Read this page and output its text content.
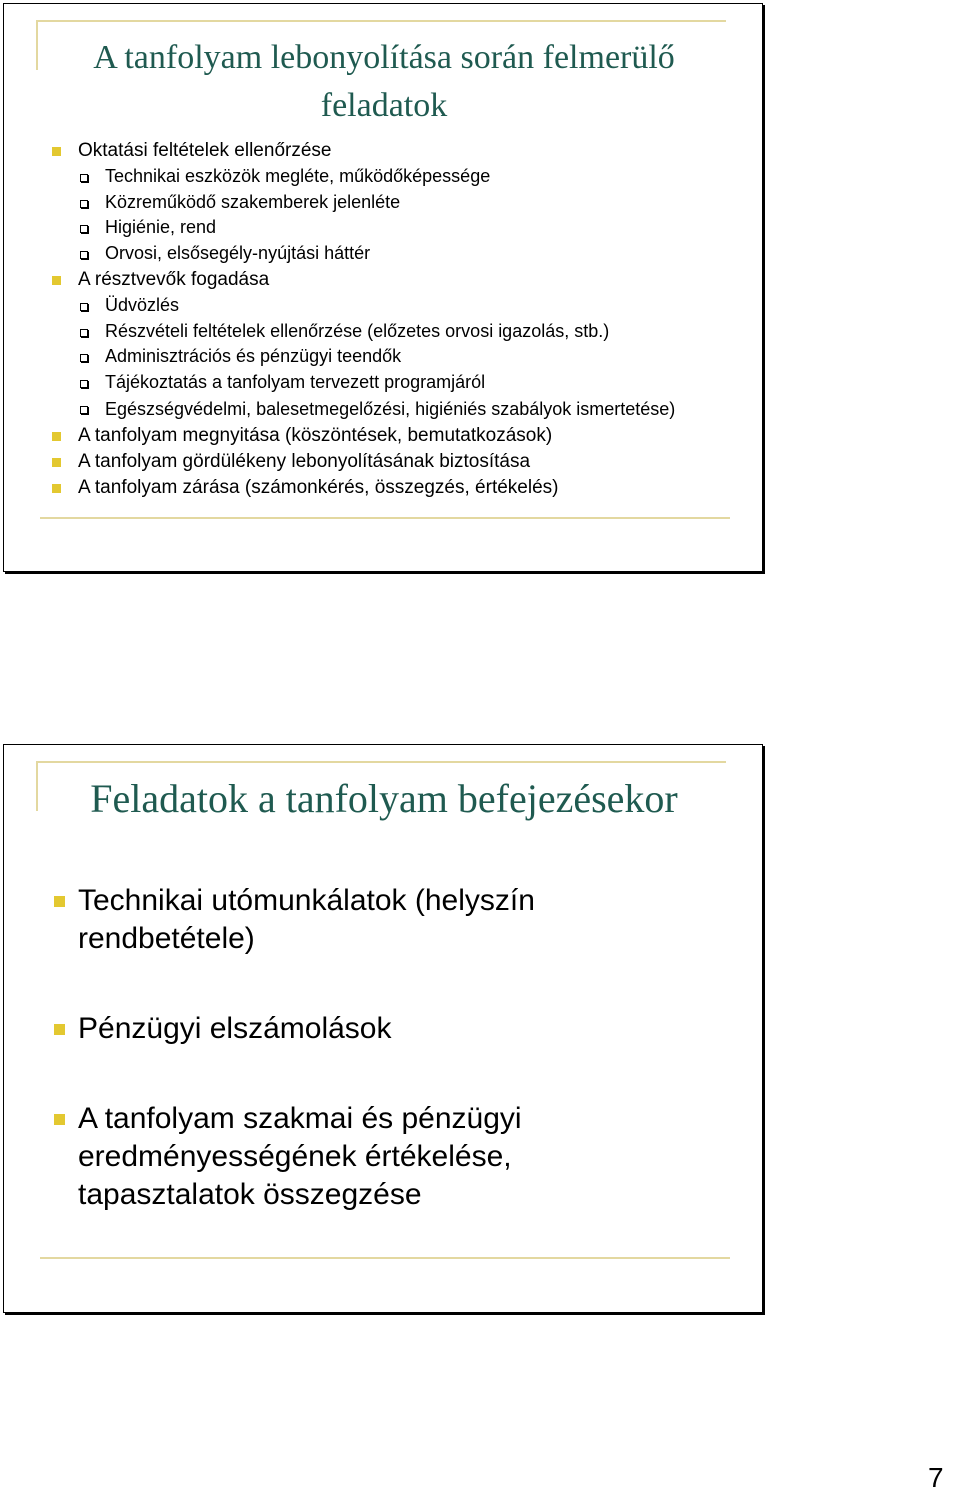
A tanfolyam lebonyolítása során felmerülő feladatok
Oktatási feltételek ellenőrzése
Technikai eszközök megléte, működőképessége
Közreműködő szakemberek jelenléte
Higiénie, rend
Orvosi, elsősegély-nyújtási háttér
A résztvevők fogadása
Üdvözlés
Részvételi feltételek ellenőrzése (előzetes orvosi igazolás, stb.)
Adminisztrációs és pénzügyi teendők
Tájékoztatás a tanfolyam tervezett programjáról
Egészségvédelmi, balesetmegelőzési, higiéniés szabályok ismertetése)
A tanfolyam megnyitása (köszöntések, bemutatkozások)
A tanfolyam gördülékeny lebonyolításának biztosítása
A tanfolyam zárása (számonkérés, összegzés, értékelés)
Feladatok a tanfolyam befejezésekor
Technikai utómunkálatok (helyszín rendbetétele)
Pénzügyi elszámolások
A tanfolyam szakmai és pénzügyi eredményességének értékelése, tapasztalatok összegzése
7
